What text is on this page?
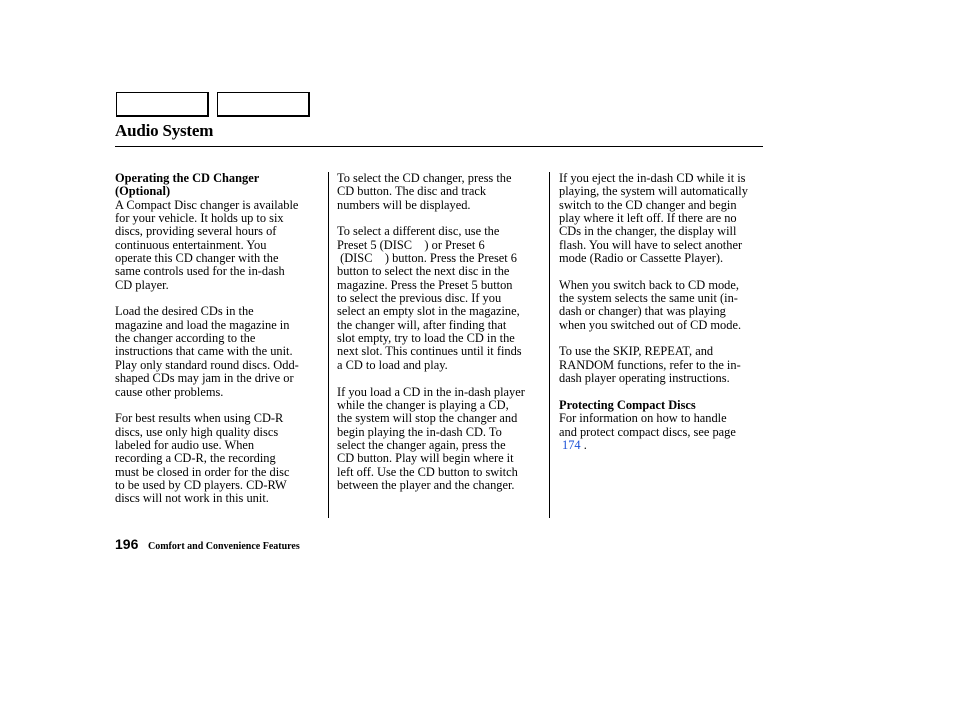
Audio System

Operating the CD Changer
(Optional)

A Compact Disc changer is available
for your vehicle. It holds up to six
discs, providing several hours of
continuous entertainment. You
operate this CD changer with the
same controls used for the in-dash
CD player.

Load the desired CDs in the
magazine and load the magazine in
the changer according to the
instructions that came with the unit.
Play only standard round discs. Odd-
shaped CDs may jam in the drive or
cause other problems.

For best results when using CD-R
discs, use only high quality discs
labeled for audio use. When
recording a CD-R, the recording
must be closed in order for the disc
to be used by CD players. CD-RW
discs will not work in this unit.

To select the CD changer, press the
CD button. The disc and track
numbers will be displayed.

To select a different disc, use the
Preset 5 (DISC    ) or Preset 6
(DISC    ) button. Press the Preset 6
button to select the next disc in the
magazine. Press the Preset 5 button
to select the previous disc. If you
select an empty slot in the magazine,
the changer will, after finding that
slot empty, try to load the CD in the
next slot. This continues until it finds
a CD to load and play.

If you load a CD in the in-dash player
while the changer is playing a CD,
the system will stop the changer and
begin playing the in-dash CD. To
select the changer again, press the
CD button. Play will begin where it
left off. Use the CD button to switch
between the player and the changer.

If you eject the in-dash CD while it is
playing, the system will automatically
switch to the CD changer and begin
play where it left off. If there are no
CDs in the changer, the display will
flash. You will have to select another
mode (Radio or Cassette Player).

When you switch back to CD mode,
the system selects the same unit (in-
dash or changer) that was playing
when you switched out of CD mode.

To use the SKIP, REPEAT, and
RANDOM functions, refer to the in-
dash player operating instructions.

Protecting Compact Discs

For information on how to handle
and protect compact discs, see page
174 .

196 Comfort and Convenience Features
